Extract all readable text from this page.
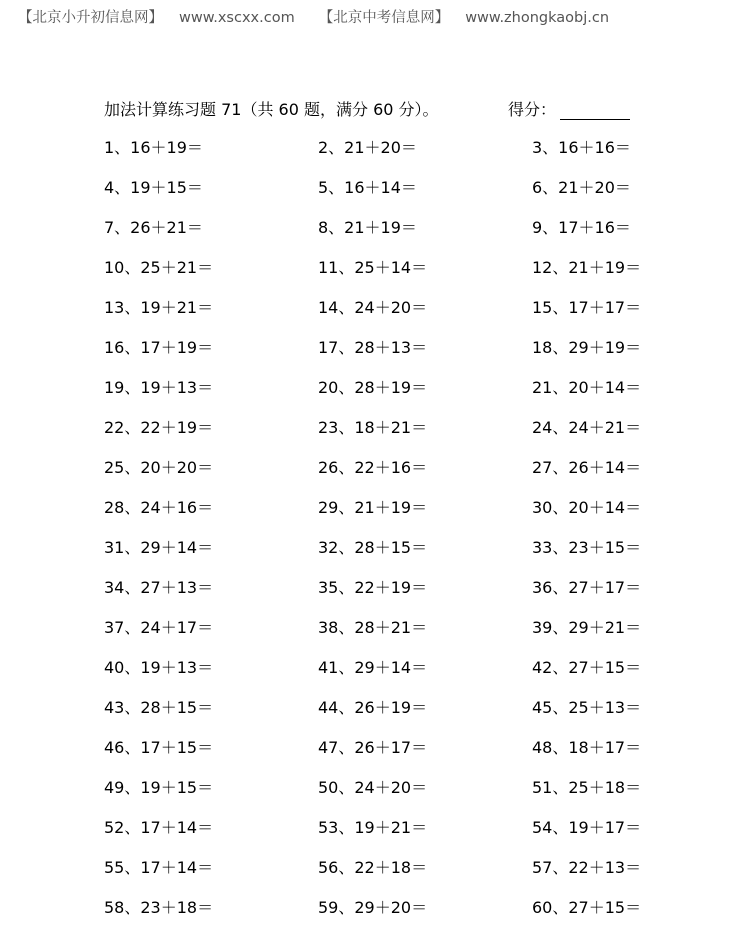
【北京小升初信息网】 www.xscxx.com 【北京中考信息网】 www.zhongkaobj.cn
加法计算练习题 71（共 60 题，满分 60 分）。	得分：
1、16＋19＝	2、21＋20＝	3、16＋16＝
4、19＋15＝	5、16＋14＝	6、21＋20＝
7、26＋21＝	8、21＋19＝	9、17＋16＝
10、25＋21＝	11、25＋14＝	12、21＋19＝
13、19＋21＝	14、24＋20＝	15、17＋17＝
16、17＋19＝	17、28＋13＝	18、29＋19＝
19、19＋13＝	20、28＋19＝	21、20＋14＝
22、22＋19＝	23、18＋21＝	24、24＋21＝
25、20＋20＝	26、22＋16＝	27、26＋14＝
28、24＋16＝	29、21＋19＝	30、20＋14＝
31、29＋14＝	32、28＋15＝	33、23＋15＝
34、27＋13＝	35、22＋19＝	36、27＋17＝
37、24＋17＝	38、28＋21＝	39、29＋21＝
40、19＋13＝	41、29＋14＝	42、27＋15＝
43、28＋15＝	44、26＋19＝	45、25＋13＝
46、17＋15＝	47、26＋17＝	48、18＋17＝
49、19＋15＝	50、24＋20＝	51、25＋18＝
52、17＋14＝	53、19＋21＝	54、19＋17＝
55、17＋14＝	56、22＋18＝	57、22＋13＝
58、23＋18＝	59、29＋20＝	60、27＋15＝
